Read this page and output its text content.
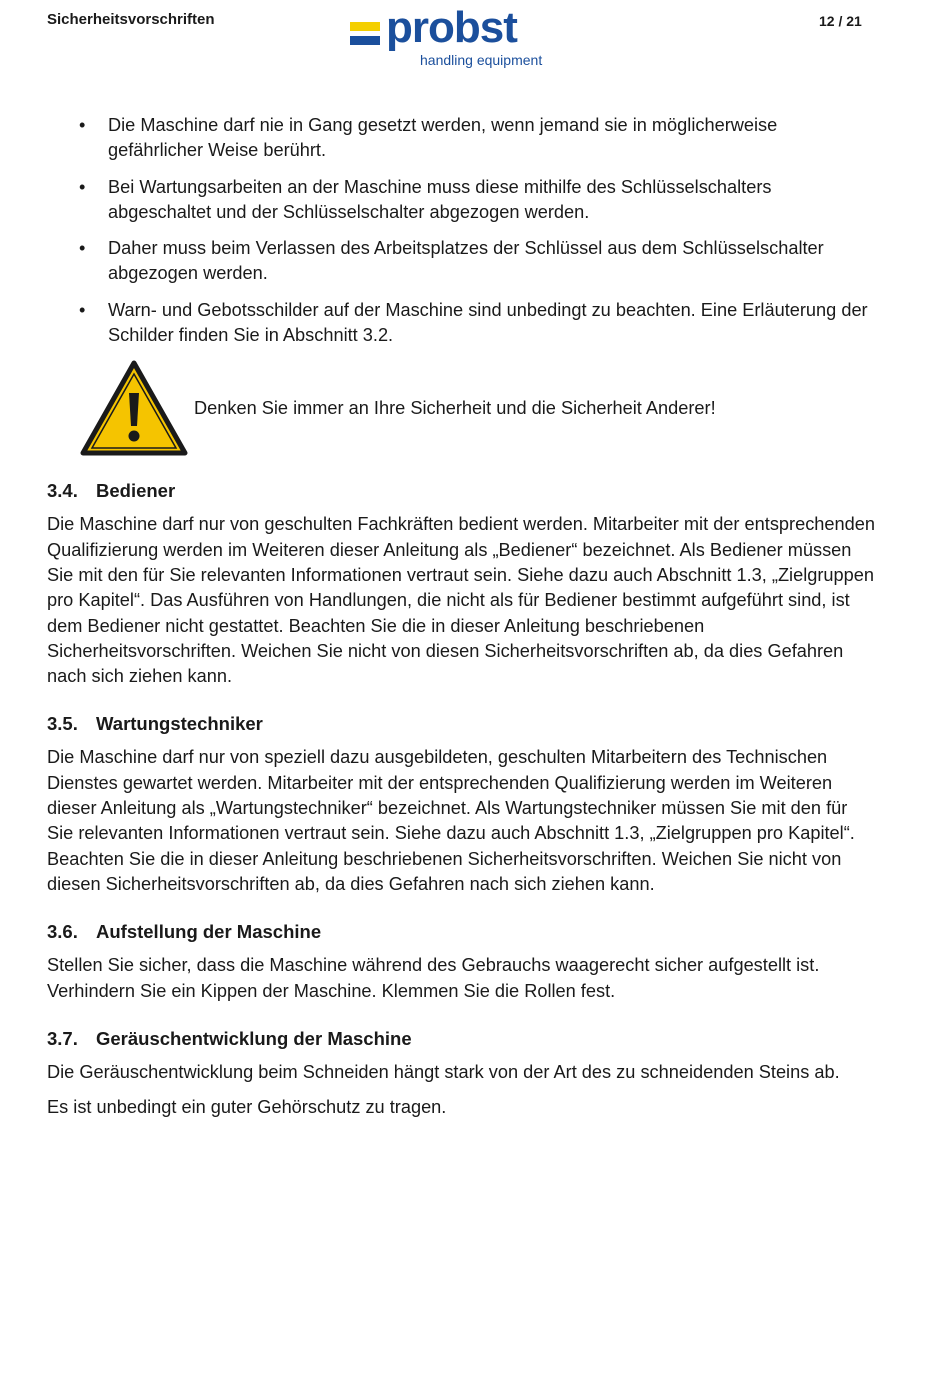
Sicherheitsvorschriften	probst
handling equipment
12 / 21
• Die Maschine darf nie in Gang gesetzt werden, wenn jemand sie in möglicherweise gefährlicher Weise berührt.
• Bei Wartungsarbeiten an der Maschine muss diese mithilfe des Schlüsselschalters abgeschaltet und der Schlüsselschalter abgezogen werden.
• Daher muss beim Verlassen des Arbeitsplatzes der Schlüssel aus dem Schlüsselschalter abgezogen werden.
• Warn- und Gebotsschilder auf der Maschine sind unbedingt zu beachten. Eine Erläuterung der Schilder finden Sie in Abschnitt 3.2.
Denken Sie immer an Ihre Sicherheit und die Sicherheit Anderer!
3.4. Bediener

Die Maschine darf nur von geschulten Fachkräften bedient werden. Mitarbeiter mit der entsprechenden Qualifizierung werden im Weiteren dieser Anleitung als „Bediener“ bezeichnet. Als Bediener müssen Sie mit den für Sie relevanten Informationen vertraut sein. Siehe dazu auch Abschnitt 1.3, „Zielgruppen pro Kapitel“. Das Ausführen von Handlungen, die nicht als für Bediener bestimmt aufgeführt sind, ist dem Bediener nicht gestattet. Beachten Sie die in dieser Anleitung beschriebenen Sicherheitsvorschriften. Weichen Sie nicht von diesen Sicherheitsvorschriften ab, da dies Gefahren nach sich ziehen kann.

3.5. Wartungstechniker

Die Maschine darf nur von speziell dazu ausgebildeten, geschulten Mitarbeitern des Technischen Dienstes gewartet werden. Mitarbeiter mit der entsprechenden Qualifizierung werden im Weiteren dieser Anleitung als „Wartungstechniker“ bezeichnet. Als Wartungstechniker müssen Sie mit den für Sie relevanten Informationen vertraut sein. Siehe dazu auch Abschnitt 1.3, „Zielgruppen pro Kapitel“. Beachten Sie die in dieser Anleitung beschriebenen Sicherheitsvorschriften. Weichen Sie nicht von diesen Sicherheitsvorschriften ab, da dies Gefahren nach sich ziehen kann.

3.6. Aufstellung der Maschine

Stellen Sie sicher, dass die Maschine während des Gebrauchs waagerecht sicher aufgestellt ist. Verhindern Sie ein Kippen der Maschine. Klemmen Sie die Rollen fest.

3.7. Geräuschentwicklung der Maschine

Die Geräuschentwicklung beim Schneiden hängt stark von der Art des zu schneidenden Steins ab.

Es ist unbedingt ein guter Gehörschutz zu tragen.
